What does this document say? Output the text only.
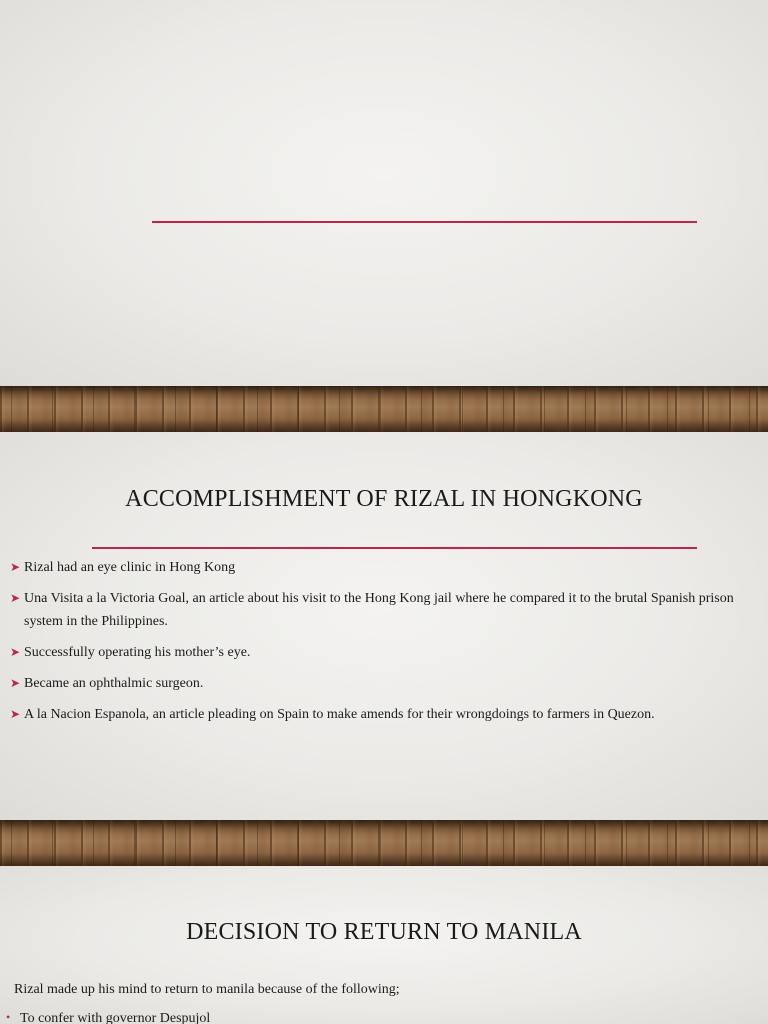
ACCOMPLISHMENT OF RIZAL IN HONGKONG
➤ Rizal had an eye clinic in Hong Kong
➤ Una Visita a la Victoria Goal, an article about his visit to the Hong Kong jail where he compared it to the brutal Spanish prison system in the Philippines.
➤ Successfully operating his mother’s eye.
➤ Became an ophthalmic surgeon.
➤ A la Nacion Espanola, an article pleading on Spain to make amends for their wrongdoings to farmers in Quezon.
DECISION TO RETURN TO MANILA
Rizal made up his mind to return to manila because of the following;
• To confer with governor Despujol
